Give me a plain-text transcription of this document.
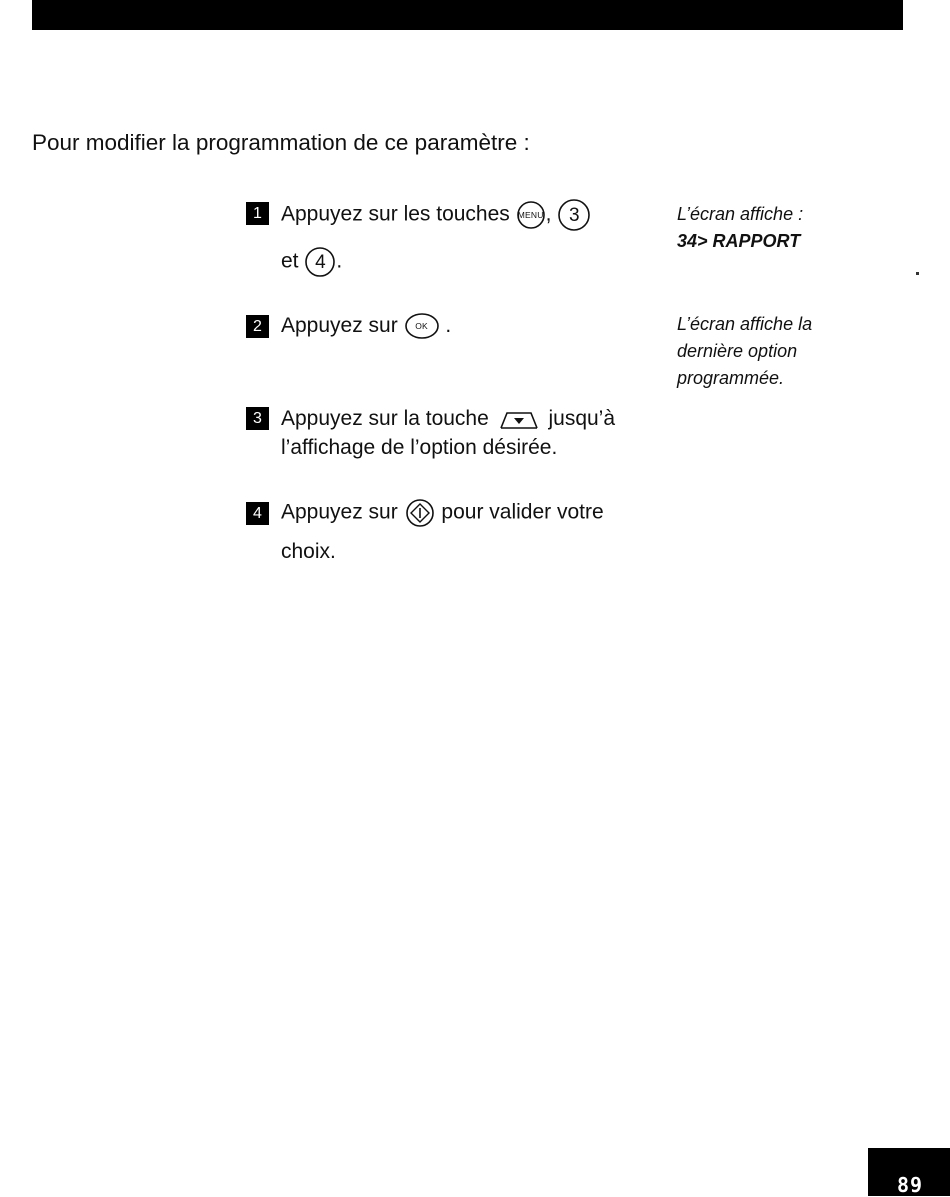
Pour modifier la programmation de ce paramètre :
1 Appuyez sur les touches MENU , 3
et 4 .
L’écran affiche :
34> RAPPORT
2 Appuyez sur	OK .	L’écran affiche la
dernière option
programmée.
3 Appuyez sur la touche
jusqu’à
l’affichage de l’option désirée.
4 Appuyez sur
pour valider votre
choix.
89
